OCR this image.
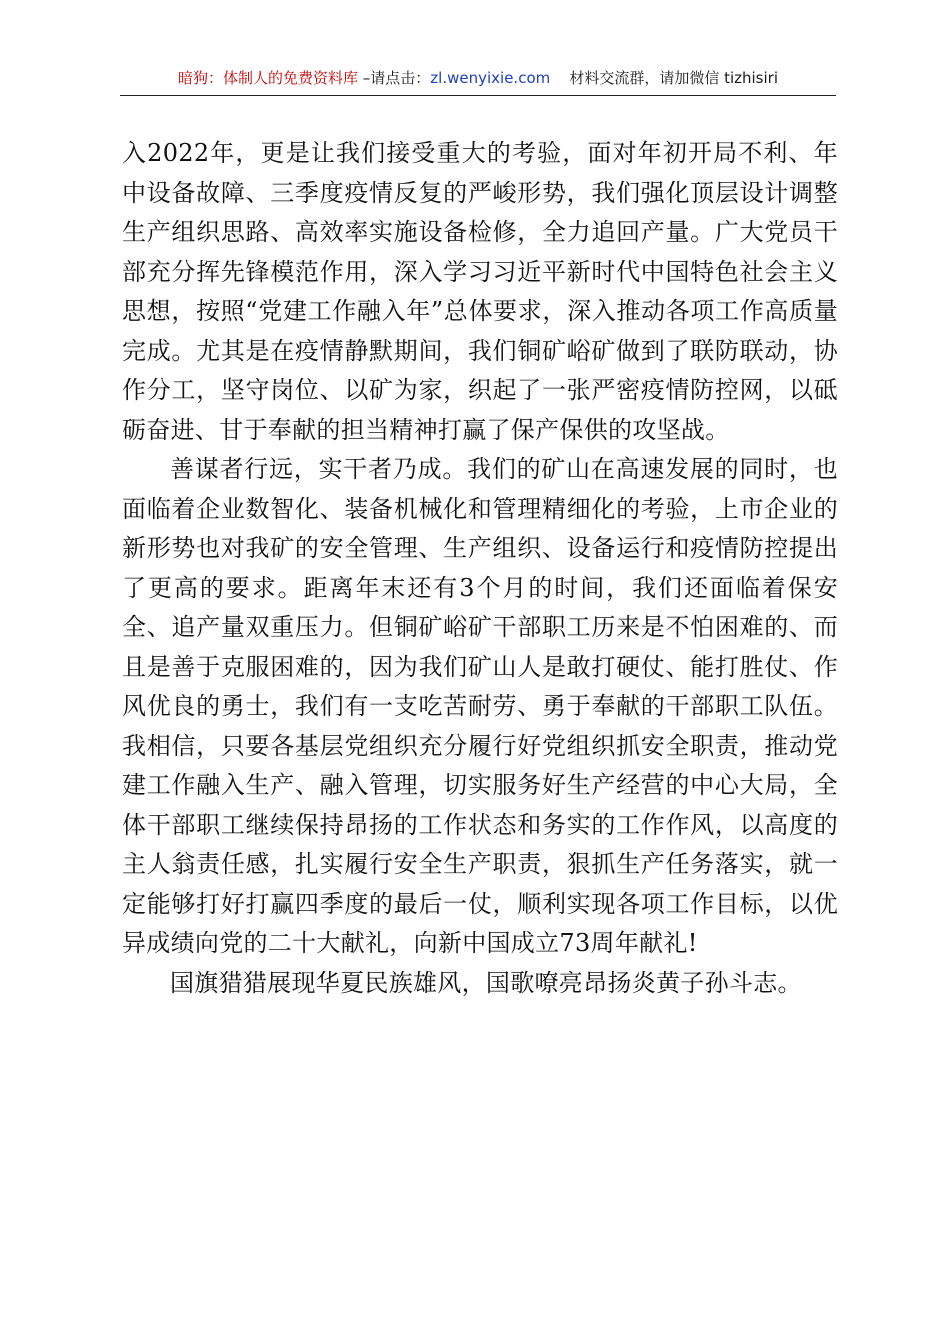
暗狗：体制人的免费资料库 –请点击：zl.wenyixie.com 材料交流群，请加微信 tizhisiri

入2022年，更是让我们接受重大的考验，面对年初开局不利、年中设备故障、三季度疫情反复的严峻形势，我们强化顶层设计调整生产组织思路、高效率实施设备检修，全力追回产量。广大党员干部充分挥先锋模范作用，深入学习习近平新时代中国特色社会主义思想，按照“党建工作融入年”总体要求，深入推动各项工作高质量完成。尤其是在疫情静默期间，我们铜矿峪矿做到了联防联动，协作分工，坚守岗位、以矿为家，织起了一张严密疫情防控网，以砥砺奋进、甘于奉献的担当精神打赢了保产保供的攻坚战。

善谋者行远，实干者乃成。我们的矿山在高速发展的同时，也面临着企业数智化、装备机械化和管理精细化的考验，上市企业的新形势也对我矿的安全管理、生产组织、设备运行和疫情防控提出了更高的要求。距离年末还有3个月的时间，我们还面临着保安全、追产量双重压力。但铜矿峪矿干部职工历来是不怕困难的、而且是善于克服困难的，因为我们矿山人是敢打硬仗、能打胜仗、作风优良的勇士，我们有一支吃苦耐劳、勇于奉献的干部职工队伍。我相信，只要各基层党组织充分履行好党组织抓安全职责，推动党建工作融入生产、融入管理，切实服务好生产经营的中心大局，全体干部职工继续保持昂扬的工作状态和务实的工作作风，以高度的主人翁责任感，扎实履行安全生产职责，狠抓生产任务落实，就一定能够打好打赢四季度的最后一仗，顺利实现各项工作目标，以优异成绩向党的二十大献礼，向新中国成立73周年献礼!

国旗猎猎展现华夏民族雄风，国歌嘹亮昂扬炎黄子孙斗志。
